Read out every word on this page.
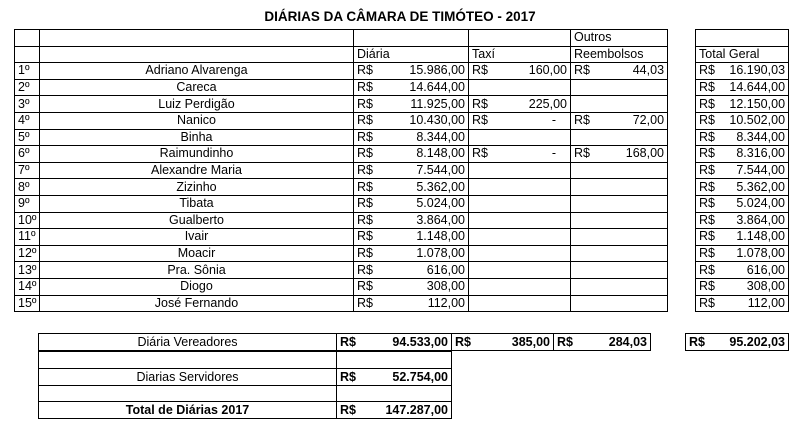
DIÁRIAS DA CÂMARA DE TIMÓTEO - 2017
						Outros				
		Diária		Taxí		Reembolsos			Total Geral	
1º	Adriano Alvarenga	R$	15.986,00	R$	160,00	R$	44,03		R$	16.190,03
2º	Careca	R$	14.644,00						R$	14.644,00
3º	Luiz Perdigão	R$	11.925,00	R$	225,00				R$	12.150,00
4º	Nanico	R$	10.430,00	R$	-	R$	72,00		R$	10.502,00
5º	Binha	R$	8.344,00						R$	8.344,00
6º	Raimundinho	R$	8.148,00	R$	-	R$	168,00		R$	8.316,00
7º	Alexandre Maria	R$	7.544,00						R$	7.544,00
8º	Zizinho	R$	5.362,00						R$	5.362,00
9º	Tibata	R$	5.024,00						R$	5.024,00
10º	Gualberto	R$	3.864,00						R$	3.864,00
11º	Ivair	R$	1.148,00						R$	1.148,00
12º	Moacir	R$	1.078,00						R$	1.078,00
13º	Pra. Sônia	R$	616,00						R$	616,00
14º	Diogo	R$	308,00						R$	308,00
15º	José Fernando	R$	112,00						R$	112,00
Diária Vereadores	R$	94.533,00	R$	385,00	R$	284,03	R$	95.202,03

Diarias Servidores	R$	52.754,00

Total de Diárias 2017	R$	147.287,00
